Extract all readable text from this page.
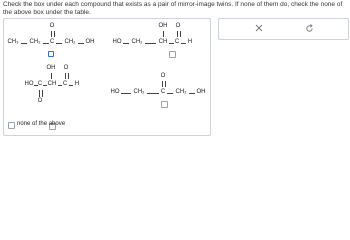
Check the box under each compound that exists as a pair of mirror-image twins. If none of them do, check the none of the above box under the table.
O
CH₃ CH₂ C CH₂ OH
OH O
HO CH₂	CH C H
OH O
HO C CH C H
O
O
HO CH₂	C CH₂ OH
none of the above
